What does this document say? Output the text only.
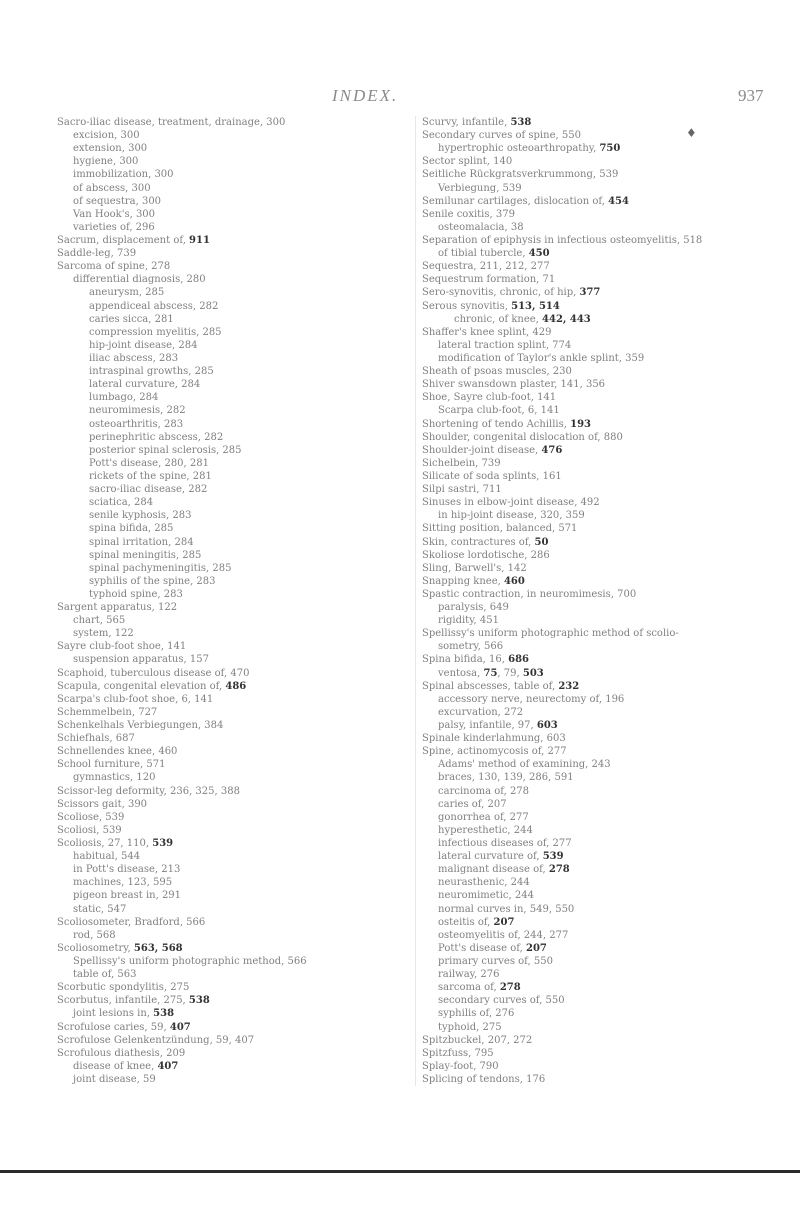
INDEX.	937
Sacro-iliac disease, treatment, drainage, 300
excision, 300
extension, 300
hygiene, 300
immobilization, 300
of abscess, 300
of sequestra, 300
Van Hook's, 300
varieties of, 296
Sacrum, displacement of, 911
Saddle-leg, 739
Sarcoma of spine, 278
differential diagnosis, 280
aneurysm, 285
appendiceal abscess, 282
caries sicca, 281
compression myelitis, 285
hip-joint disease, 284
iliac abscess, 283
intraspinal growths, 285
lateral curvature, 284
lumbago, 284
neuromimesis, 282
osteoarthritis, 283
perinephritic abscess, 282
posterior spinal sclerosis, 285
Pott's disease, 280, 281
rickets of the spine, 281
sacro-iliac disease, 282
sciatica, 284
senile kyphosis, 283
spina bifida, 285
spinal irritation, 284
spinal meningitis, 285
spinal pachymeningitis, 285
syphilis of the spine, 283
typhoid spine, 283
Sargent apparatus, 122
chart, 565
system, 122
Sayre club-foot shoe, 141
suspension apparatus, 157
Scaphoid, tuberculous disease of, 470
Scapula, congenital elevation of, 486
Scarpa's club-foot shoe, 6, 141
Schemmelbein, 727
Schenkelhals Verbiegungen, 384
Schiefhals, 687
Schnellendes knee, 460
School furniture, 571
gymnastics, 120
Scissor-leg deformity, 236, 325, 388
Scissors gait, 390
Scoliose, 539
Scoliosi, 539
Scoliosis, 27, 110, 539
habitual, 544
in Pott's disease, 213
machines, 123, 595
pigeon breast in, 291
static, 547
Scoliosometer, Bradford, 566
rod, 568
Scoliosometry, 563, 568
Spellissy's uniform photographic method, 566
table of, 563
Scorbutic spondylitis, 275
Scorbutus, infantile, 275, 538
joint lesions in, 538
Scrofulose caries, 59, 407
Scrofulose Gelenkentzündung, 59, 407
Scrofulous diathesis, 209
disease of knee, 407
joint disease, 59
Scurvy, infantile, 538
Secondary curves of spine, 550
hypertrophic osteoarthropathy, 750
Sector splint, 140
Seitliche Rückgratsverkrummong, 539
Verbiegung, 539
Semilunar cartilages, dislocation of, 454
Senile coxitis, 379
osteomalacia, 38
Separation of epiphysis in infectious osteomyelitis, 518
of tibial tubercle, 450
Sequestra, 211, 212, 277
Sequestrum formation, 71
Sero-synovitis, chronic, of hip, 377
Serous synovitis, 513, 514
chronic, of knee, 442, 443
Shaffer's knee splint, 429
lateral traction splint, 774
modification of Taylor's ankle splint, 359
Sheath of psoas muscles, 230
Shiver swansdown plaster, 141, 356
Shoe, Sayre club-foot, 141
Scarpa club-foot, 6, 141
Shortening of tendo Achillis, 193
Shoulder, congenital dislocation of, 880
Shoulder-joint disease, 476
Sichelbein, 739
Silicate of soda splints, 161
Silpi sastri, 711
Sinuses in elbow-joint disease, 492
in hip-joint disease, 320, 359
Sitting position, balanced, 571
Skin, contractures of, 50
Skoliose lordotische, 286
Sling, Barwell's, 142
Snapping knee, 460
Spastic contraction, in neuromimesis, 700
paralysis, 649
rigidity, 451
Spellissy's uniform photographic method of scolio-
sometry, 566
Spina bifida, 16, 686
ventosa, 75, 79, 503
Spinal abscesses, table of, 232
accessory nerve, neurectomy of, 196
excurvation, 272
palsy, infantile, 97, 603
Spinale kinderlahmung, 603
Spine, actinomycosis of, 277
Adams' method of examining, 243
braces, 130, 139, 286, 591
carcinoma of, 278
caries of, 207
gonorrhea of, 277
hyperesthetic, 244
infectious diseases of, 277
lateral curvature of, 539
malignant disease of, 278
neurasthenic, 244
neuromimetic, 244
normal curves in, 549, 550
osteitis of, 207
osteomyelitis of, 244, 277
Pott's disease of, 207
primary curves of, 550
railway, 276
sarcoma of, 278
secondary curves of, 550
syphilis of, 276
typhoid, 275
Spitzbuckel, 207, 272
Spitzfuss, 795
Splay-foot, 790
Splicing of tendons, 176
♦
